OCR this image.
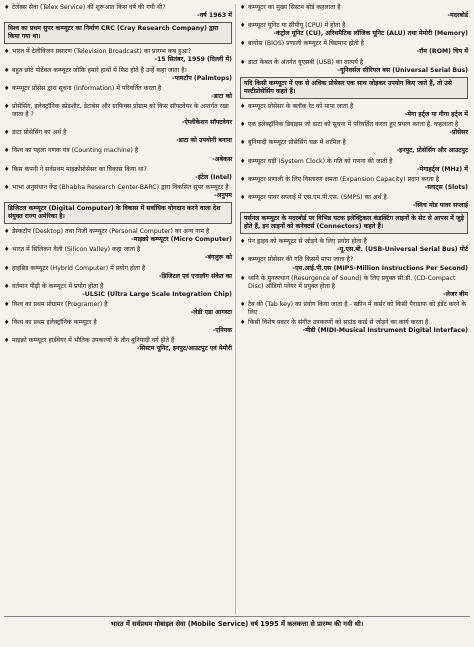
♦ टेलेक्स सेवा (Telex Service) की शुरूआत किस वर्ष की गयी थी?
-वर्ष 1963 में
विश्व का प्रथम सुपर कम्प्यूटर का निर्माण CRC (Cray Research Company) द्वारा किया गया था।
♦ भारत में टेलीविजन प्रसारण (Television Broadcast) का प्रारम्भ कब हुआ?
-15 सितंबर, 1959 (दिल्ली में)
♦ बहुत छोटे पोर्टेबल कम्प्यूटर जोकि हमारे हाथों में फिट होते हैं उन्हें कहा जाता है।
-पामटॉप (Palmtops)
♦ कम्प्यूटर प्रोसेस द्वारा सूचना (Information) में परिवर्तित करता है
-डाटा को
♦ प्रोसेसिंग, इलेक्ट्रॉनिक स्प्रेडशीट, डेटाबेस और ग्राफिक्स प्रोग्राम को किस सॉफ्टवेयर के अन्तर्गत रखा जाता है ?
-ऐप्लीकेशन सॉफ्टवेयर
♦ डाटा प्रोसेसिंग का अर्थ है
-डाटा को उपयोगी बनाना
♦ विश्व का पहला गणक यंत्र (Counting machine) है
-अबेकस
♦ किस कंपनी ने सर्वप्रथम माइक्रोप्रोसेसर का विकास किया था?
-इंटेल (Intel)
♦ भाभा अनुसंधान केंद्र (Bhabha Research Center-BARC) द्वारा विकसित सुपर कम्प्यूटर है
-अनुपम
डिजिटल कम्प्यूटर (Digital Computer) के विकास में सर्वाधिक योगदान करने वाला देश संयुक्त राज्य अमेरिका है।
♦ डेस्कटॉप (Desktop) तथा निजी कम्प्यूटर (Personal Computer) का अन्य नाम है
-माइक्रो कम्प्यूटर (Micro Computer)
♦ भारत में सिलिकन वैली (Silicon Valley) कहा जाता है
-बंगलुरू को
♦ हाइब्रिड कम्प्यूटर (Hybrid Computer) में प्रयोग होता है
-डिजिटल एवं एनालॉग संकेत का
♦ वर्तमान पीढ़ी के कम्प्यूटर में प्रयोग होता है
-ULSIC (Ultra Large Scale Integration Chip)
♦ विश्व का प्रथम प्रोग्रामर (Programer) है
-लेडी एडा आगस्टा
♦ विश्व का प्रथम इलेक्ट्रॉनिक कम्प्यूटर है
-एनियक
♦ माइक्रो कम्प्यूटर हार्डवेयर में भौतिक उपकरणों के तीन बुनियादी वर्ग होते हैं
-सिस्टम यूनिट, इनपुट/आउटपुट एवं मेमोरी
♦ कम्प्यूटर का मुख्य सिस्टम बोर्ड कहलाता है
-मदरबोर्ड
♦ कम्प्यूटर यूनिट या सीपीयू (CPU) में होता है
-कंट्रोल यूनिट (CU), अरिथमैटिक लॉजिक यूनिट (ALU) तथा मेमोरी (Memory)
♦ बायोस (BIOS) प्रणाली कम्प्यूटर में विद्यमान होती है
-रॉम (ROM) चिप में
♦ डाटा केबल के अंतर्गत यूएसबी (USB) का तात्पर्य है
-यूनिवर्सल सीरियल बस (Universal Serial Bus)
यदि किसी कम्प्यूटर में एक से अधिक प्रोसेसर एक साथ जोड़कर उपयोग किए जाते हैं, तो उसे मल्टीप्रोसेसिंग कहते हैं।
♦ कम्प्यूटर प्रोसेसर के क्लॉक रेट को मापा जाता है
-मेगा हर्ट्ज या गीगा हर्ट्ज में
♦ एक इलेक्ट्रॉनिक डिवाइस जो डाटा को सूचना में परिवर्तित करता हुए प्रयत्न करता है, कहलाता है
-प्रोसेसर
♦ बुनियादी कम्प्यूटर प्रोसेसिंग चक्र में शामिल है
-इनपुट, प्रोसेसिंग और आउटपुट
♦ कम्प्यूटर घड़ी (System Clock) के गति को गणना की जाती है
-मेगाहर्ट्ज (MHz) में
♦ कम्प्यूटर प्रणाली के लिए विस्तारण क्षमता (Expansion Capacity) प्रदान करता है
-स्लाट्स (Slots)
♦ कम्प्यूटर पावर सप्लाई में एस.एम.पी.एस. (SMPS) का अर्थ है
-स्विच मोड पावर सप्लाई
पर्सनल कम्प्यूटर के मदरबोर्ड पर विभिन्न घटक इलेक्ट्रिकल कंडक्टिंग लाइनों के सेट से आपस में जुड़े होते हैं, इन लाइनों को कनेक्टर्स (Connectors) कहते हैं।
♦ पेन ड्राइव को कम्प्यूटर से जोड़ने के लिए प्रयोग होता है
-यू.एस.बी. (USB-Universal Serial Bus) पोर्ट
♦ कम्प्यूटर प्रोसेसर की गति किसमें मापा जाता है?
-एम.आई.पी.एस (MIPS-Million Instructions Per Second)
♦ ध्वनि के पुनरुत्थान (Resurgence of Sound) के लिए प्रयुक्त सी.डी. (CD-Compact Disc) ऑडियो प्लेयर में प्रयुक्त होता है
-लेजर बीम
♦ टैब की (Tab key) का प्रयोग किया जाता है - स्क्रीन में कर्सर को किसी पैराग्राफ को इंडेंट करने के लिए
♦ किसी विशेष प्रकार के संगीत उपकरणों को साउंड कार्ड से जोड़ने का कार्य करता है
-मीडी (MIDI-Musical Instrument Digital Interface)
भारत में सर्वप्रथम मोबाइल सेवा (Mobile Service) वर्ष 1995 में कलकत्ता से प्रारम्भ की गयी थी।
